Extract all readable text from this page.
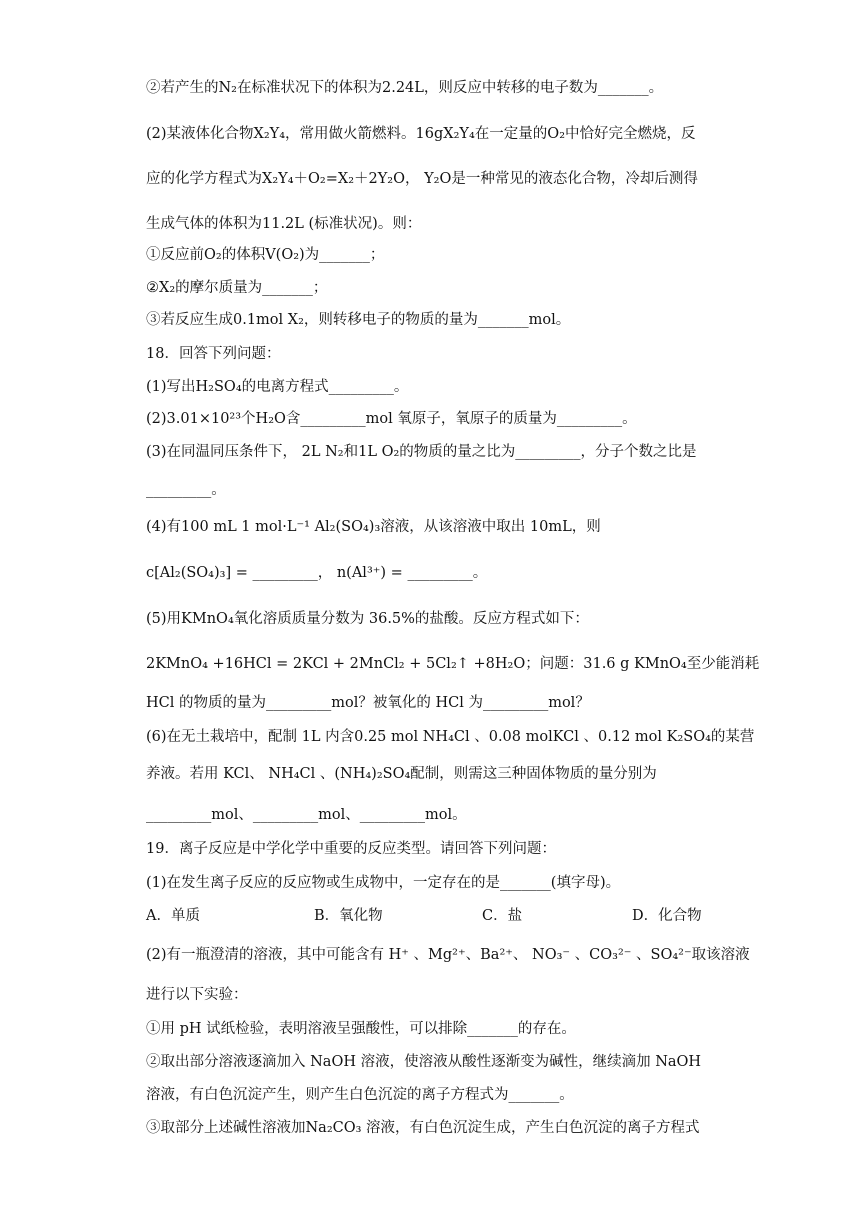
②若产生的N₂在标准状况下的体积为2.24L，则反应中转移的电子数为_______。
(2)某液体化合物X₂Y₄，常用做火箭燃料。16gX₂Y₄在一定量的O₂中恰好完全燃烧，反
应的化学方程式为X₂Y₄＋O₂=X₂＋2Y₂O， Y₂O是一种常见的液态化合物，冷却后测得
生成气体的体积为11.2L (标准状况)。则：
①反应前O₂的体积V(O₂)为_______；
②X₂的摩尔质量为_______；
③若反应生成0.1mol X₂，则转移电子的物质的量为_______mol。
18．回答下列问题：
(1)写出H₂SO₄的电离方程式_________。
(2)3.01×10²³个H₂O含_________mol 氧原子，氧原子的质量为_________。
(3)在同温同压条件下， 2L N₂和1L O₂的物质的量之比为_________，分子个数之比是
_________。
(4)有100 mL 1 mol·L⁻¹ Al₂(SO₄)₃溶液，从该溶液中取出 10mL，则
c[Al₂(SO₄)₃] = _________， n(Al³⁺) = _________。
(5)用KMnO₄氧化溶质质量分数为 36.5%的盐酸。反应方程式如下：
2KMnO₄ +16HCl = 2KCl + 2MnCl₂ + 5Cl₂↑ +8H₂O；问题：31.6 g KMnO₄至少能消耗
HCl 的物质的量为_________mol？被氧化的 HCl 为_________mol？
(6)在无土栽培中，配制 1L 内含0.25 mol NH₄Cl 、0.08 molKCl 、0.12 mol K₂SO₄的某营
养液。若用 KCl、 NH₄Cl 、(NH₄)₂SO₄配制，则需这三种固体物质的量分别为
_________mol、_________mol、_________mol。
19．离子反应是中学化学中重要的反应类型。请回答下列问题：
(1)在发生离子反应的反应物或生成物中，一定存在的是_______(填字母)。
A．单质	B．氧化物	C．盐	D．化合物
(2)有一瓶澄清的溶液，其中可能含有 H⁺ 、Mg²⁺、Ba²⁺、 NO₃⁻ 、CO₃²⁻ 、SO₄²⁻取该溶液
进行以下实验：
①用 pH 试纸检验，表明溶液呈强酸性，可以排除_______的存在。
②取出部分溶液逐滴加入 NaOH 溶液，使溶液从酸性逐渐变为碱性，继续滴加 NaOH
溶液，有白色沉淀产生，则产生白色沉淀的离子方程式为_______。
③取部分上述碱性溶液加Na₂CO₃ 溶液，有白色沉淀生成，产生白色沉淀的离子方程式
